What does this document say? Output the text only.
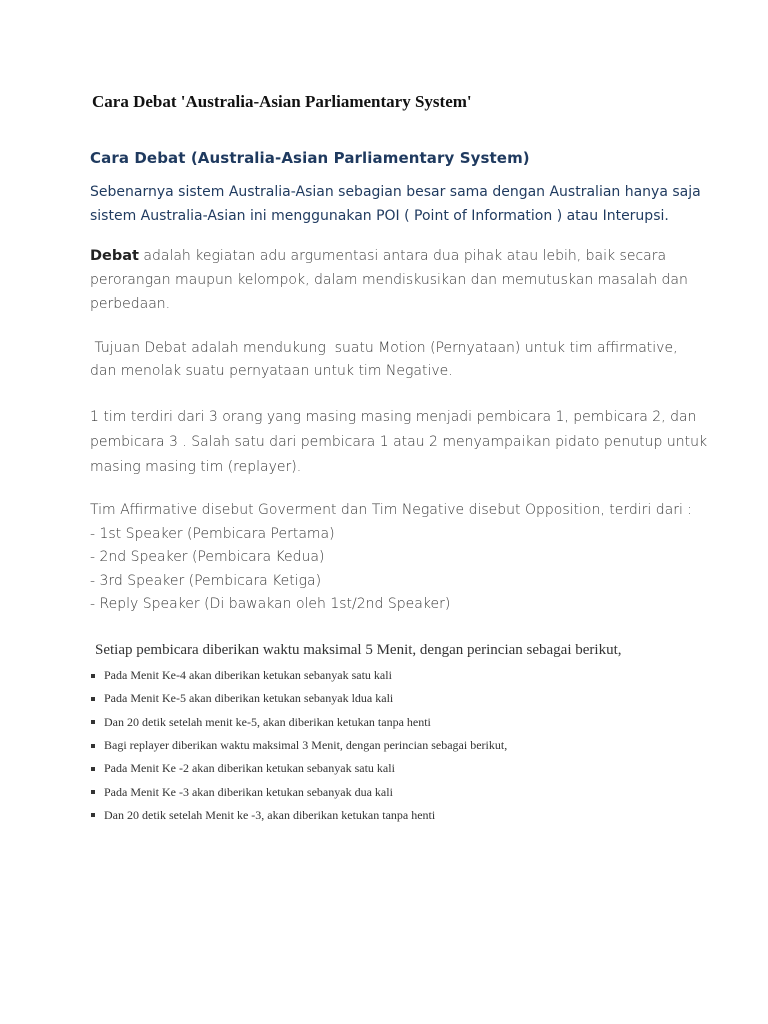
Cara Debat 'Australia-Asian Parliamentary System'
Cara Debat (Australia-Asian Parliamentary System)

Sebenarnya sistem Australia-Asian sebagian besar sama dengan Australian hanya saja
sistem Australia-Asian ini menggunakan POI ( Point of Information ) atau Interupsi.

Debat adalah kegiatan adu argumentasi antara dua pihak atau lebih, baik secara
perorangan maupun kelompok, dalam mendiskusikan dan memutuskan masalah dan
perbedaan.

Tujuan Debat adalah mendukung  suatu Motion (Pernyataan) untuk tim affirmative,
dan menolak suatu pernyataan untuk tim Negative.

1 tim terdiri dari 3 orang yang masing masing menjadi pembicara 1, pembicara 2, dan
pembicara 3 . Salah satu dari pembicara 1 atau 2 menyampaikan pidato penutup untuk
masing masing tim (replayer).

Tim Affirmative disebut Goverment dan Tim Negative disebut Opposition, terdiri dari :
- 1st Speaker (Pembicara Pertama)
- 2nd Speaker (Pembicara Kedua)
- 3rd Speaker (Pembicara Ketiga)
- Reply Speaker (Di bawakan oleh 1st/2nd Speaker)

Setiap pembicara diberikan waktu maksimal 5 Menit, dengan perincian sebagai berikut,

Pada Menit Ke-4 akan diberikan ketukan sebanyak satu kali
Pada Menit Ke-5 akan diberikan ketukan sebanyak ldua kali
Dan 20 detik setelah menit ke-5, akan diberikan ketukan tanpa henti
Bagi replayer diberikan waktu maksimal 3 Menit, dengan perincian sebagai berikut,
Pada Menit Ke -2 akan diberikan ketukan sebanyak satu kali
Pada Menit Ke -3 akan diberikan ketukan sebanyak dua kali
Dan 20 detik setelah Menit ke -3, akan diberikan ketukan tanpa henti
